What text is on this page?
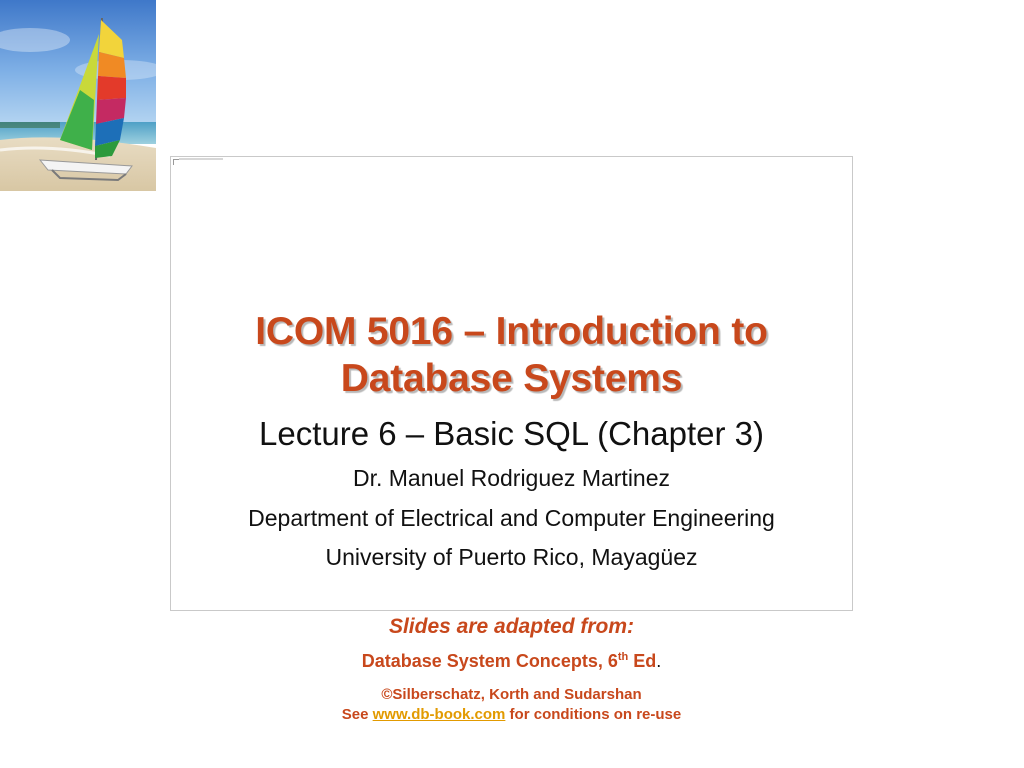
ICOM 5016 – Introduction to
Database Systems
Lecture 6 – Basic SQL (Chapter 3)
Dr. Manuel Rodriguez Martinez
Department of Electrical and Computer Engineering
University of Puerto Rico, Mayagüez
Slides are adapted from:
Database System Concepts, 6th Ed.
©Silberschatz, Korth and Sudarshan
See www.db-book.com for conditions on re-use
